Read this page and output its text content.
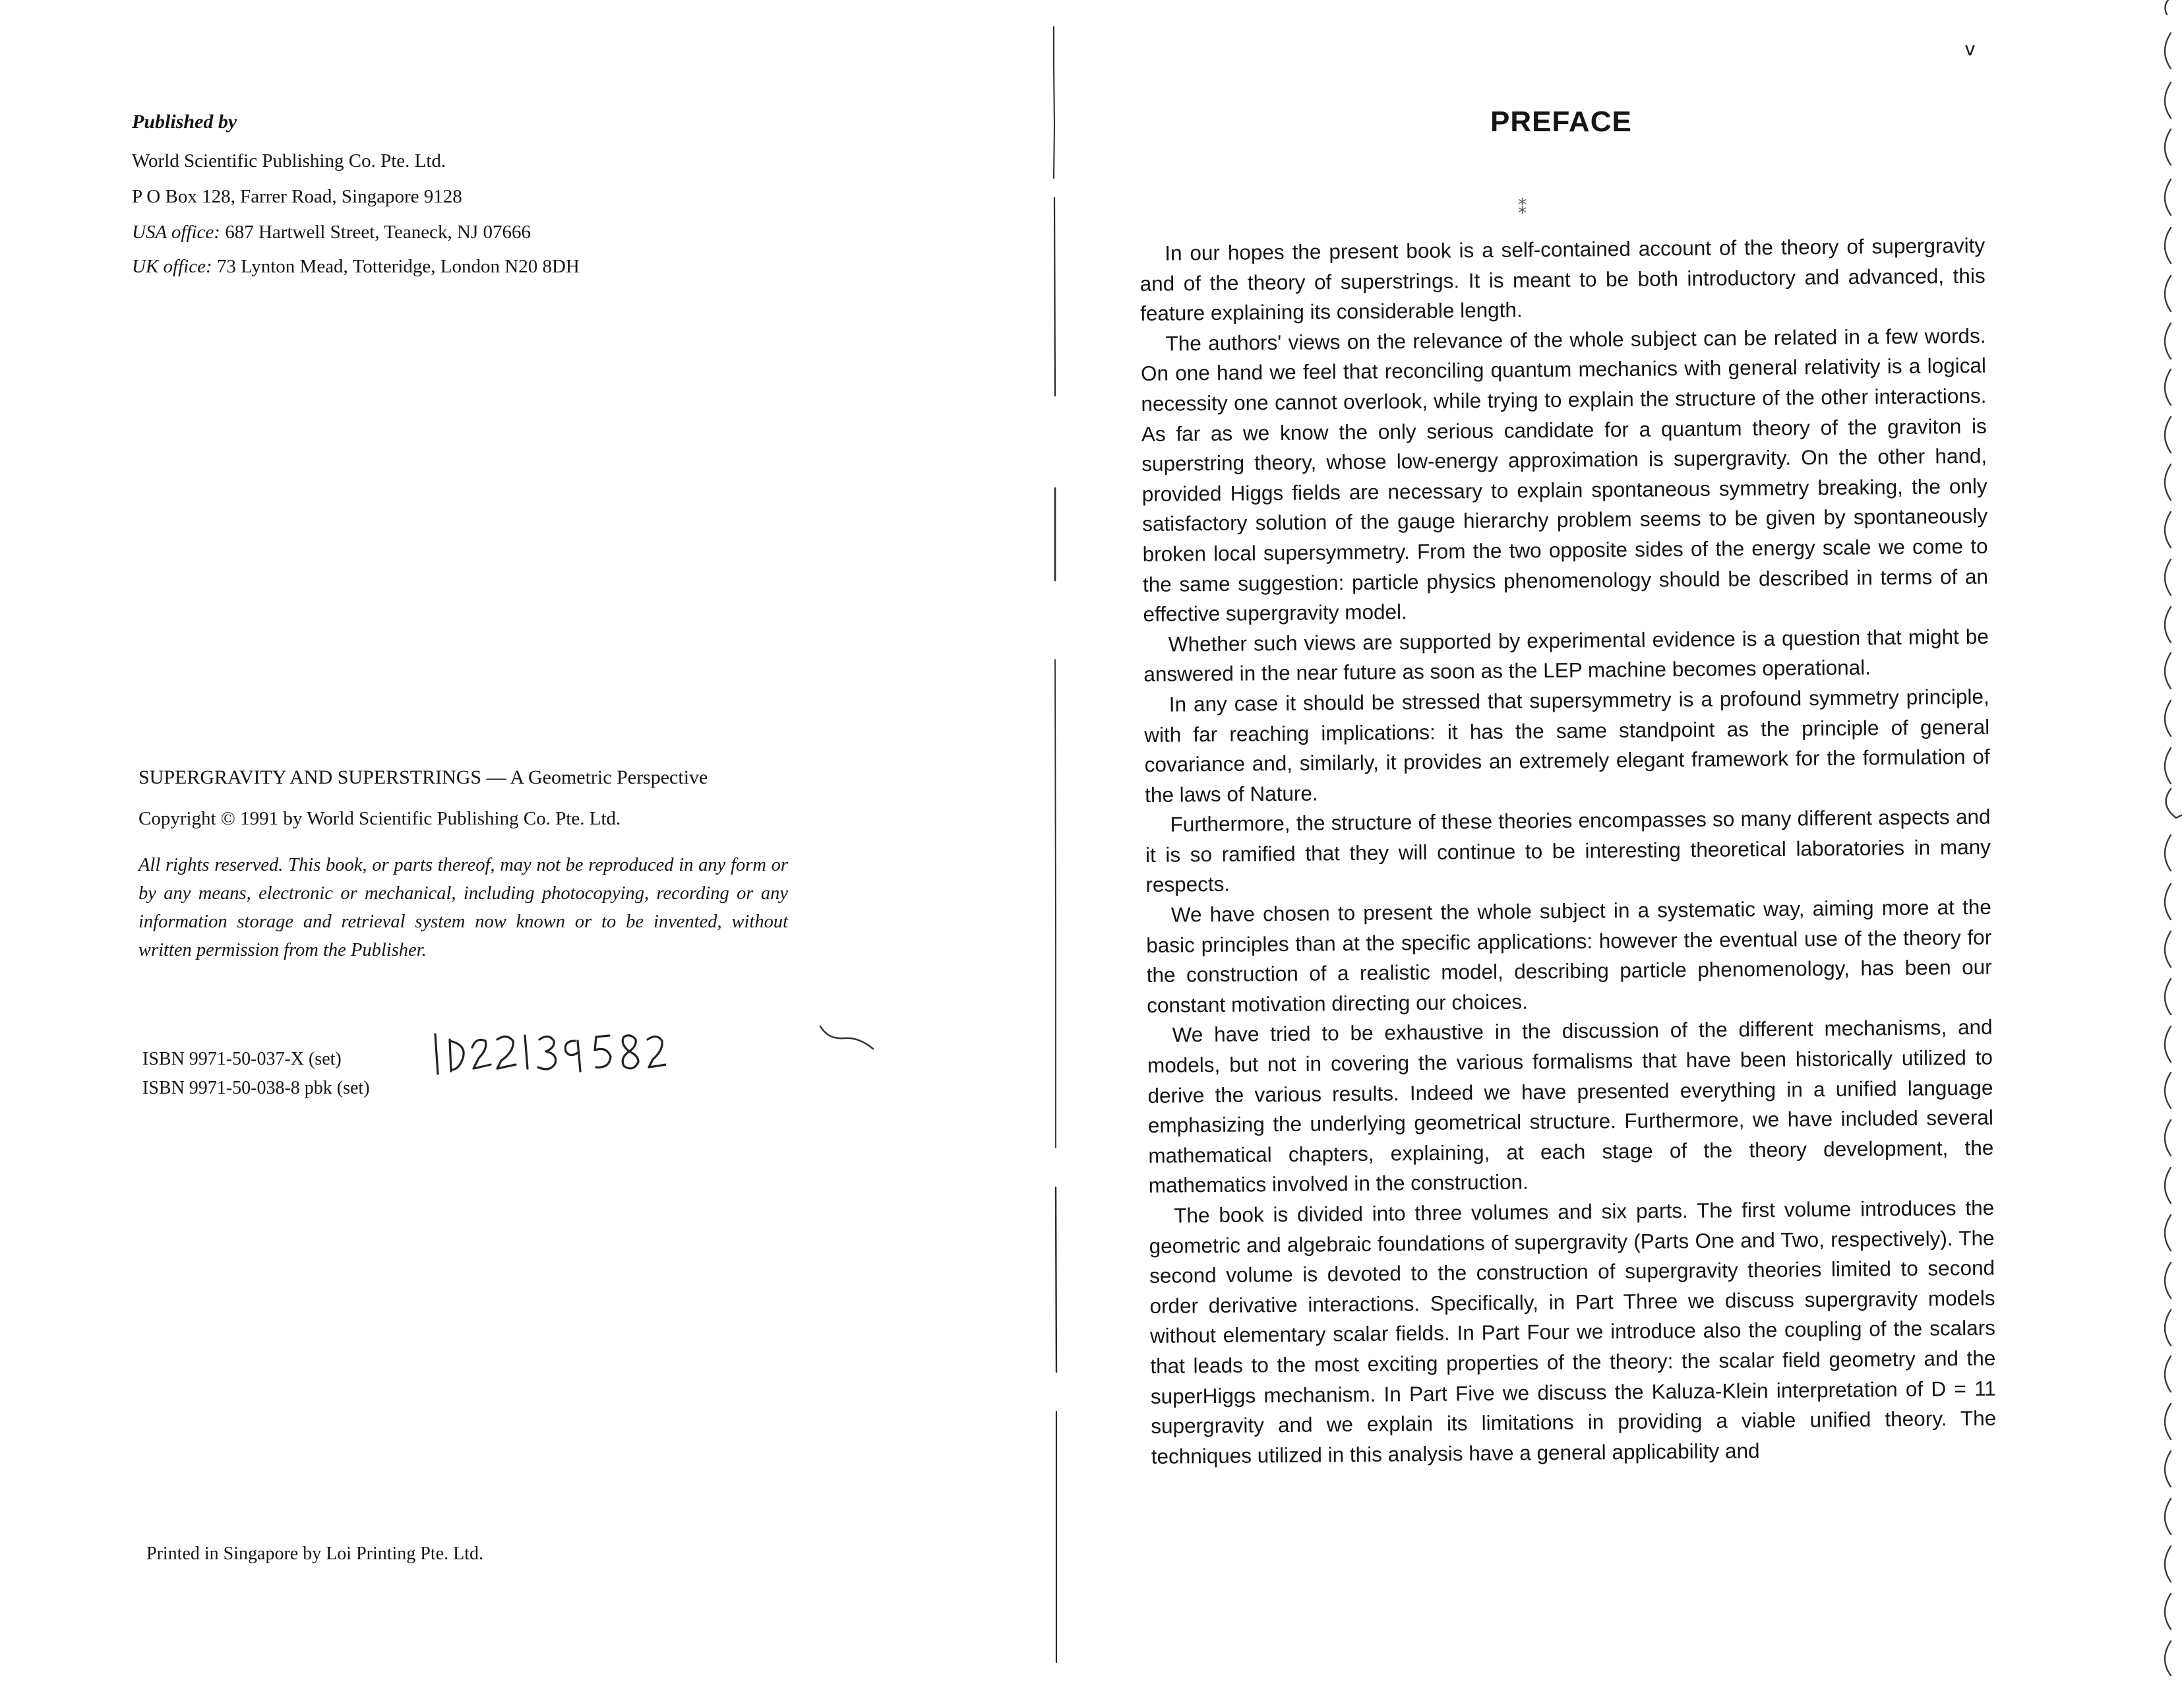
Published by
World Scientific Publishing Co. Pte. Ltd.
P O Box 128, Farrer Road, Singapore 9128
USA office: 687 Hartwell Street, Teaneck, NJ 07666
UK office: 73 Lynton Mead, Totteridge, London N20 8DH
SUPERGRAVITY AND SUPERSTRINGS — A Geometric Perspective
Copyright © 1991 by World Scientific Publishing Co. Pte. Ltd.
All rights reserved. This book, or parts thereof, may not be reproduced in any form or by any means, electronic or mechanical, including photocopying, recording or any information storage and retrieval system now known or to be invented, without written permission from the Publisher.
ISBN 9971-50-037-X (set)
ISBN 9971-50-038-8 pbk (set)	1002139582
Printed in Singapore by Loi Printing Pte. Ltd.
v
PREFACE
⁑

In our hopes the present book is a self-contained account of the theory of supergravity and of the theory of superstrings. It is meant to be both introductory and advanced, this feature explaining its considerable length.

The authors' views on the relevance of the whole subject can be related in a few words. On one hand we feel that reconciling quantum mechanics with general relativity is a logical necessity one cannot overlook, while trying to explain the structure of the other interactions. As far as we know the only serious candidate for a quantum theory of the graviton is superstring theory, whose low-energy approximation is supergravity. On the other hand, provided Higgs fields are necessary to explain spontaneous symmetry breaking, the only satisfactory solution of the gauge hierarchy problem seems to be given by spontaneously broken local supersymmetry. From the two opposite sides of the energy scale we come to the same suggestion: particle physics phenomenology should be described in terms of an effective supergravity model.

Whether such views are supported by experimental evidence is a question that might be answered in the near future as soon as the LEP machine becomes operational.

In any case it should be stressed that supersymmetry is a profound symmetry principle, with far reaching implications: it has the same standpoint as the principle of general covariance and, similarly, it provides an extremely elegant framework for the formulation of the laws of Nature.

Furthermore, the structure of these theories encompasses so many different aspects and it is so ramified that they will continue to be interesting theoretical laboratories in many respects.

We have chosen to present the whole subject in a systematic way, aiming more at the basic principles than at the specific applications: however the eventual use of the theory for the construction of a realistic model, describing particle phenomenology, has been our constant motivation directing our choices.

We have tried to be exhaustive in the discussion of the different mechanisms, and models, but not in covering the various formalisms that have been historically utilized to derive the various results. Indeed we have presented everything in a unified language emphasizing the underlying geometrical structure. Furthermore, we have included several mathematical chapters, explaining, at each stage of the theory development, the mathematics involved in the construction.

The book is divided into three volumes and six parts. The first volume introduces the geometric and algebraic foundations of supergravity (Parts One and Two, respectively). The second volume is devoted to the construction of supergravity theories limited to second order derivative interactions. Specifically, in Part Three we discuss supergravity models without elementary scalar fields. In Part Four we introduce also the coupling of the scalars that leads to the most exciting properties of the theory: the scalar field geometry and the superHiggs mechanism. In Part Five we discuss the Kaluza-Klein interpretation of D = 11 supergravity and we explain its limitations in providing a viable unified theory. The techniques utilized in this analysis have a general applicability and
